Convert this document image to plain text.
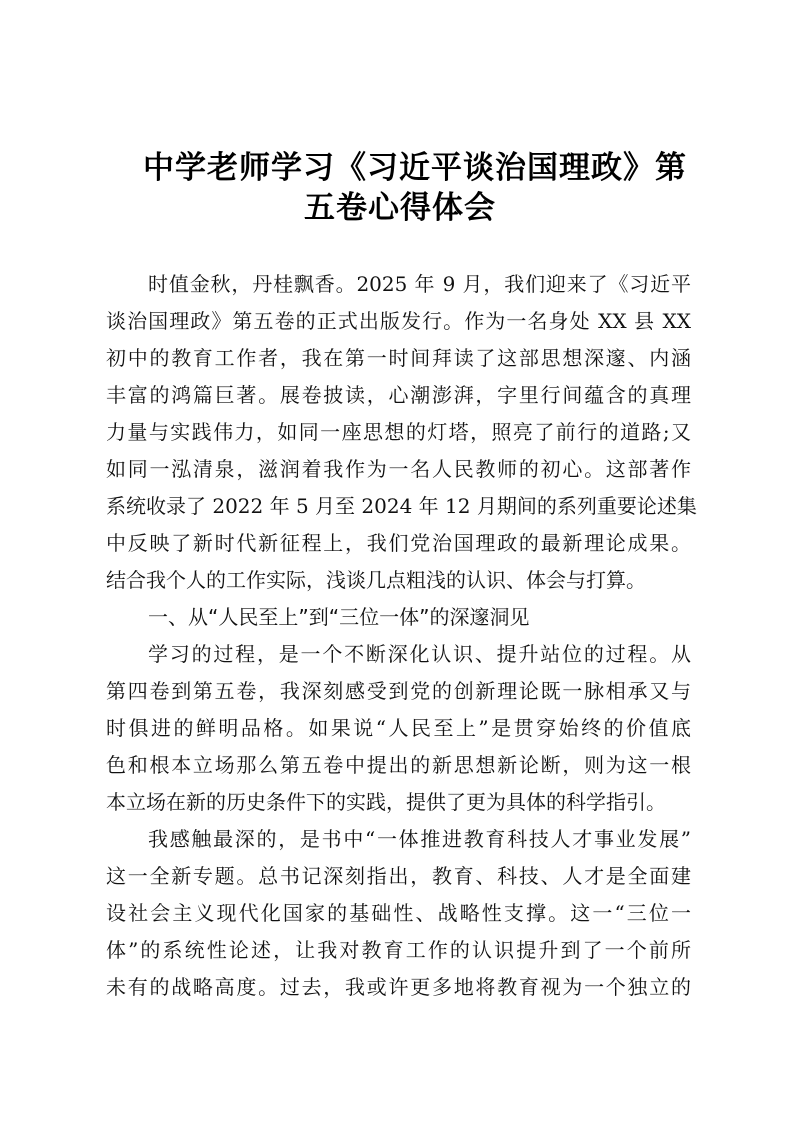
中学老师学习《习近平谈治国理政》第
五卷心得体会
时值金秋，丹桂飘香。2025 年 9 月，我们迎来了《习近平
谈治国理政》第五卷的正式出版发行。作为一名身处 XX 县 XX
初中的教育工作者，我在第一时间拜读了这部思想深邃、内涵
丰富的鸿篇巨著。展卷披读，心潮澎湃，字里行间蕴含的真理
力量与实践伟力，如同一座思想的灯塔，照亮了前行的道路;又
如同一泓清泉，滋润着我作为一名人民教师的初心。这部著作
系统收录了 2022 年 5 月至 2024 年 12 月期间的系列重要论述集
中反映了新时代新征程上，我们党治国理政的最新理论成果。
结合我个人的工作实际，浅谈几点粗浅的认识、体会与打算。
一、从“人民至上”到“三位一体”的深邃洞见
学习的过程，是一个不断深化认识、提升站位的过程。从
第四卷到第五卷，我深刻感受到党的创新理论既一脉相承又与
时俱进的鲜明品格。如果说“人民至上”是贯穿始终的价值底
色和根本立场那么第五卷中提出的新思想新论断，则为这一根
本立场在新的历史条件下的实践，提供了更为具体的科学指引。
我感触最深的，是书中“一体推进教育科技人才事业发展”
这一全新专题。总书记深刻指出，教育、科技、人才是全面建
设社会主义现代化国家的基础性、战略性支撑。这一“三位一
体”的系统性论述，让我对教育工作的认识提升到了一个前所
未有的战略高度。过去，我或许更多地将教育视为一个独立的
